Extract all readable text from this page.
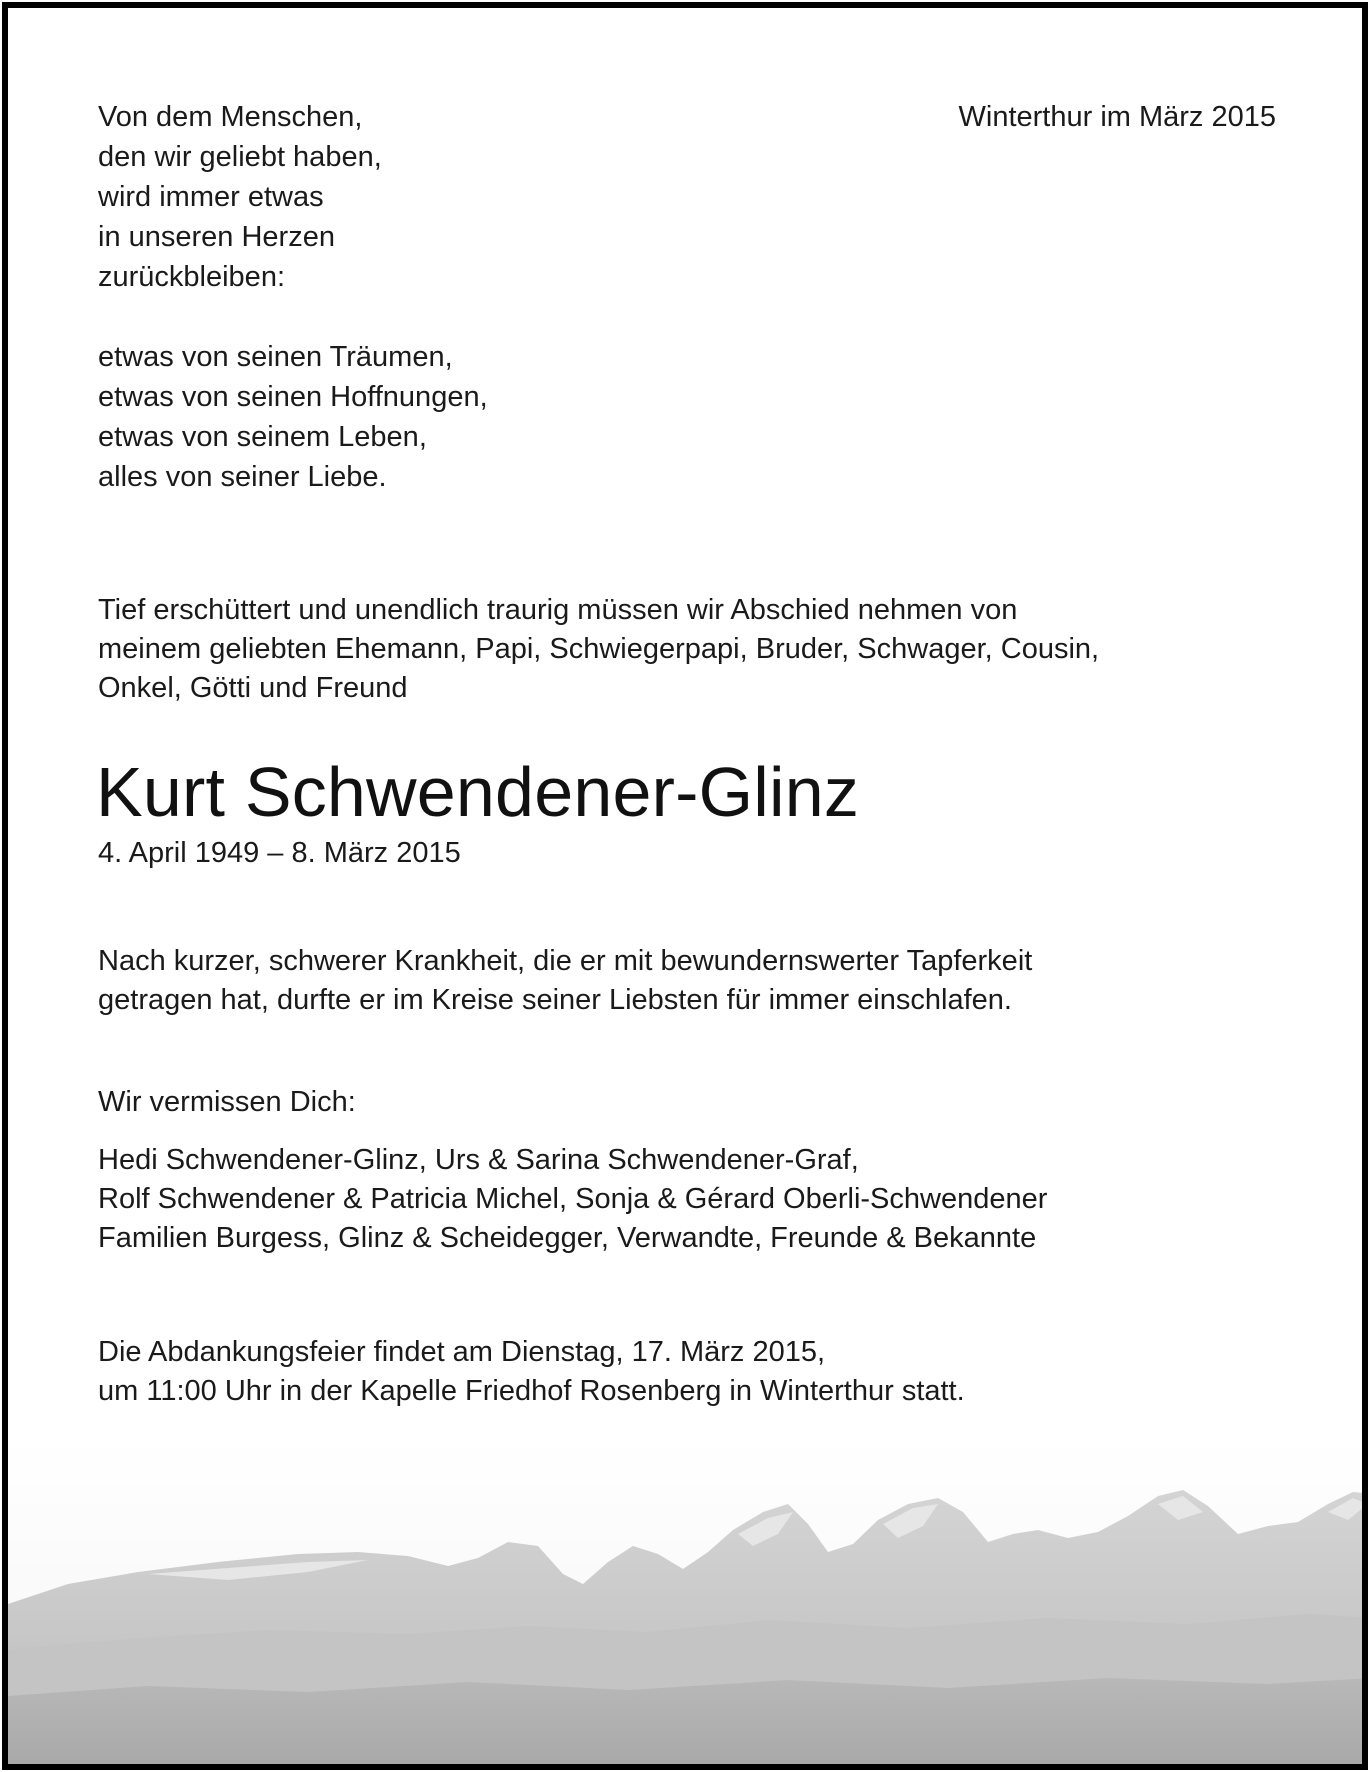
Von dem Menschen,

den wir geliebt haben,

wird immer etwas

in unseren Herzen

zurückbleiben:

etwas von seinen Träumen,

etwas von seinen Hoffnungen,

etwas von seinem Leben,

alles von seiner Liebe.

Winterthur im März 2015

Tief erschüttert und unendlich traurig müssen wir Abschied nehmen von

meinem geliebten Ehemann, Papi, Schwiegerpapi, Bruder, Schwager, Cousin,

Onkel, Götti und Freund

Kurt Schwendener-Glinz
4. April 1949 – 8. März 2015

Nach kurzer, schwerer Krankheit, die er mit bewundernswerter Tapferkeit

getragen hat, durfte er im Kreise seiner Liebsten für immer einschlafen.

Wir vermissen Dich:

Hedi Schwendener-Glinz, Urs & Sarina Schwendener-Graf,

Rolf Schwendener & Patricia Michel, Sonja & Gérard Oberli-Schwendener

Familien Burgess, Glinz & Scheidegger, Verwandte, Freunde & Bekannte

Die Abdankungsfeier findet am Dienstag, 17. März 2015,

um 11:00 Uhr in der Kapelle Friedhof Rosenberg in Winterthur statt.
